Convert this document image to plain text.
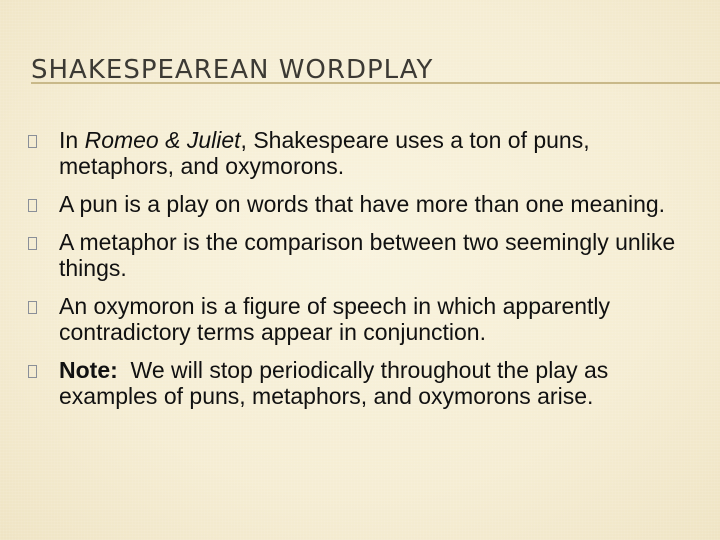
SHAKESPEAREAN WORDPLAY
In Romeo & Juliet, Shakespeare uses a ton of puns, metaphors, and oxymorons.
A pun is a play on words that have more than one meaning.
A metaphor is the comparison between two seemingly unlike things.
An oxymoron is a figure of speech in which apparently contradictory terms appear in conjunction.
Note:  We will stop periodically throughout the play as examples of puns, metaphors, and oxymorons arise.
